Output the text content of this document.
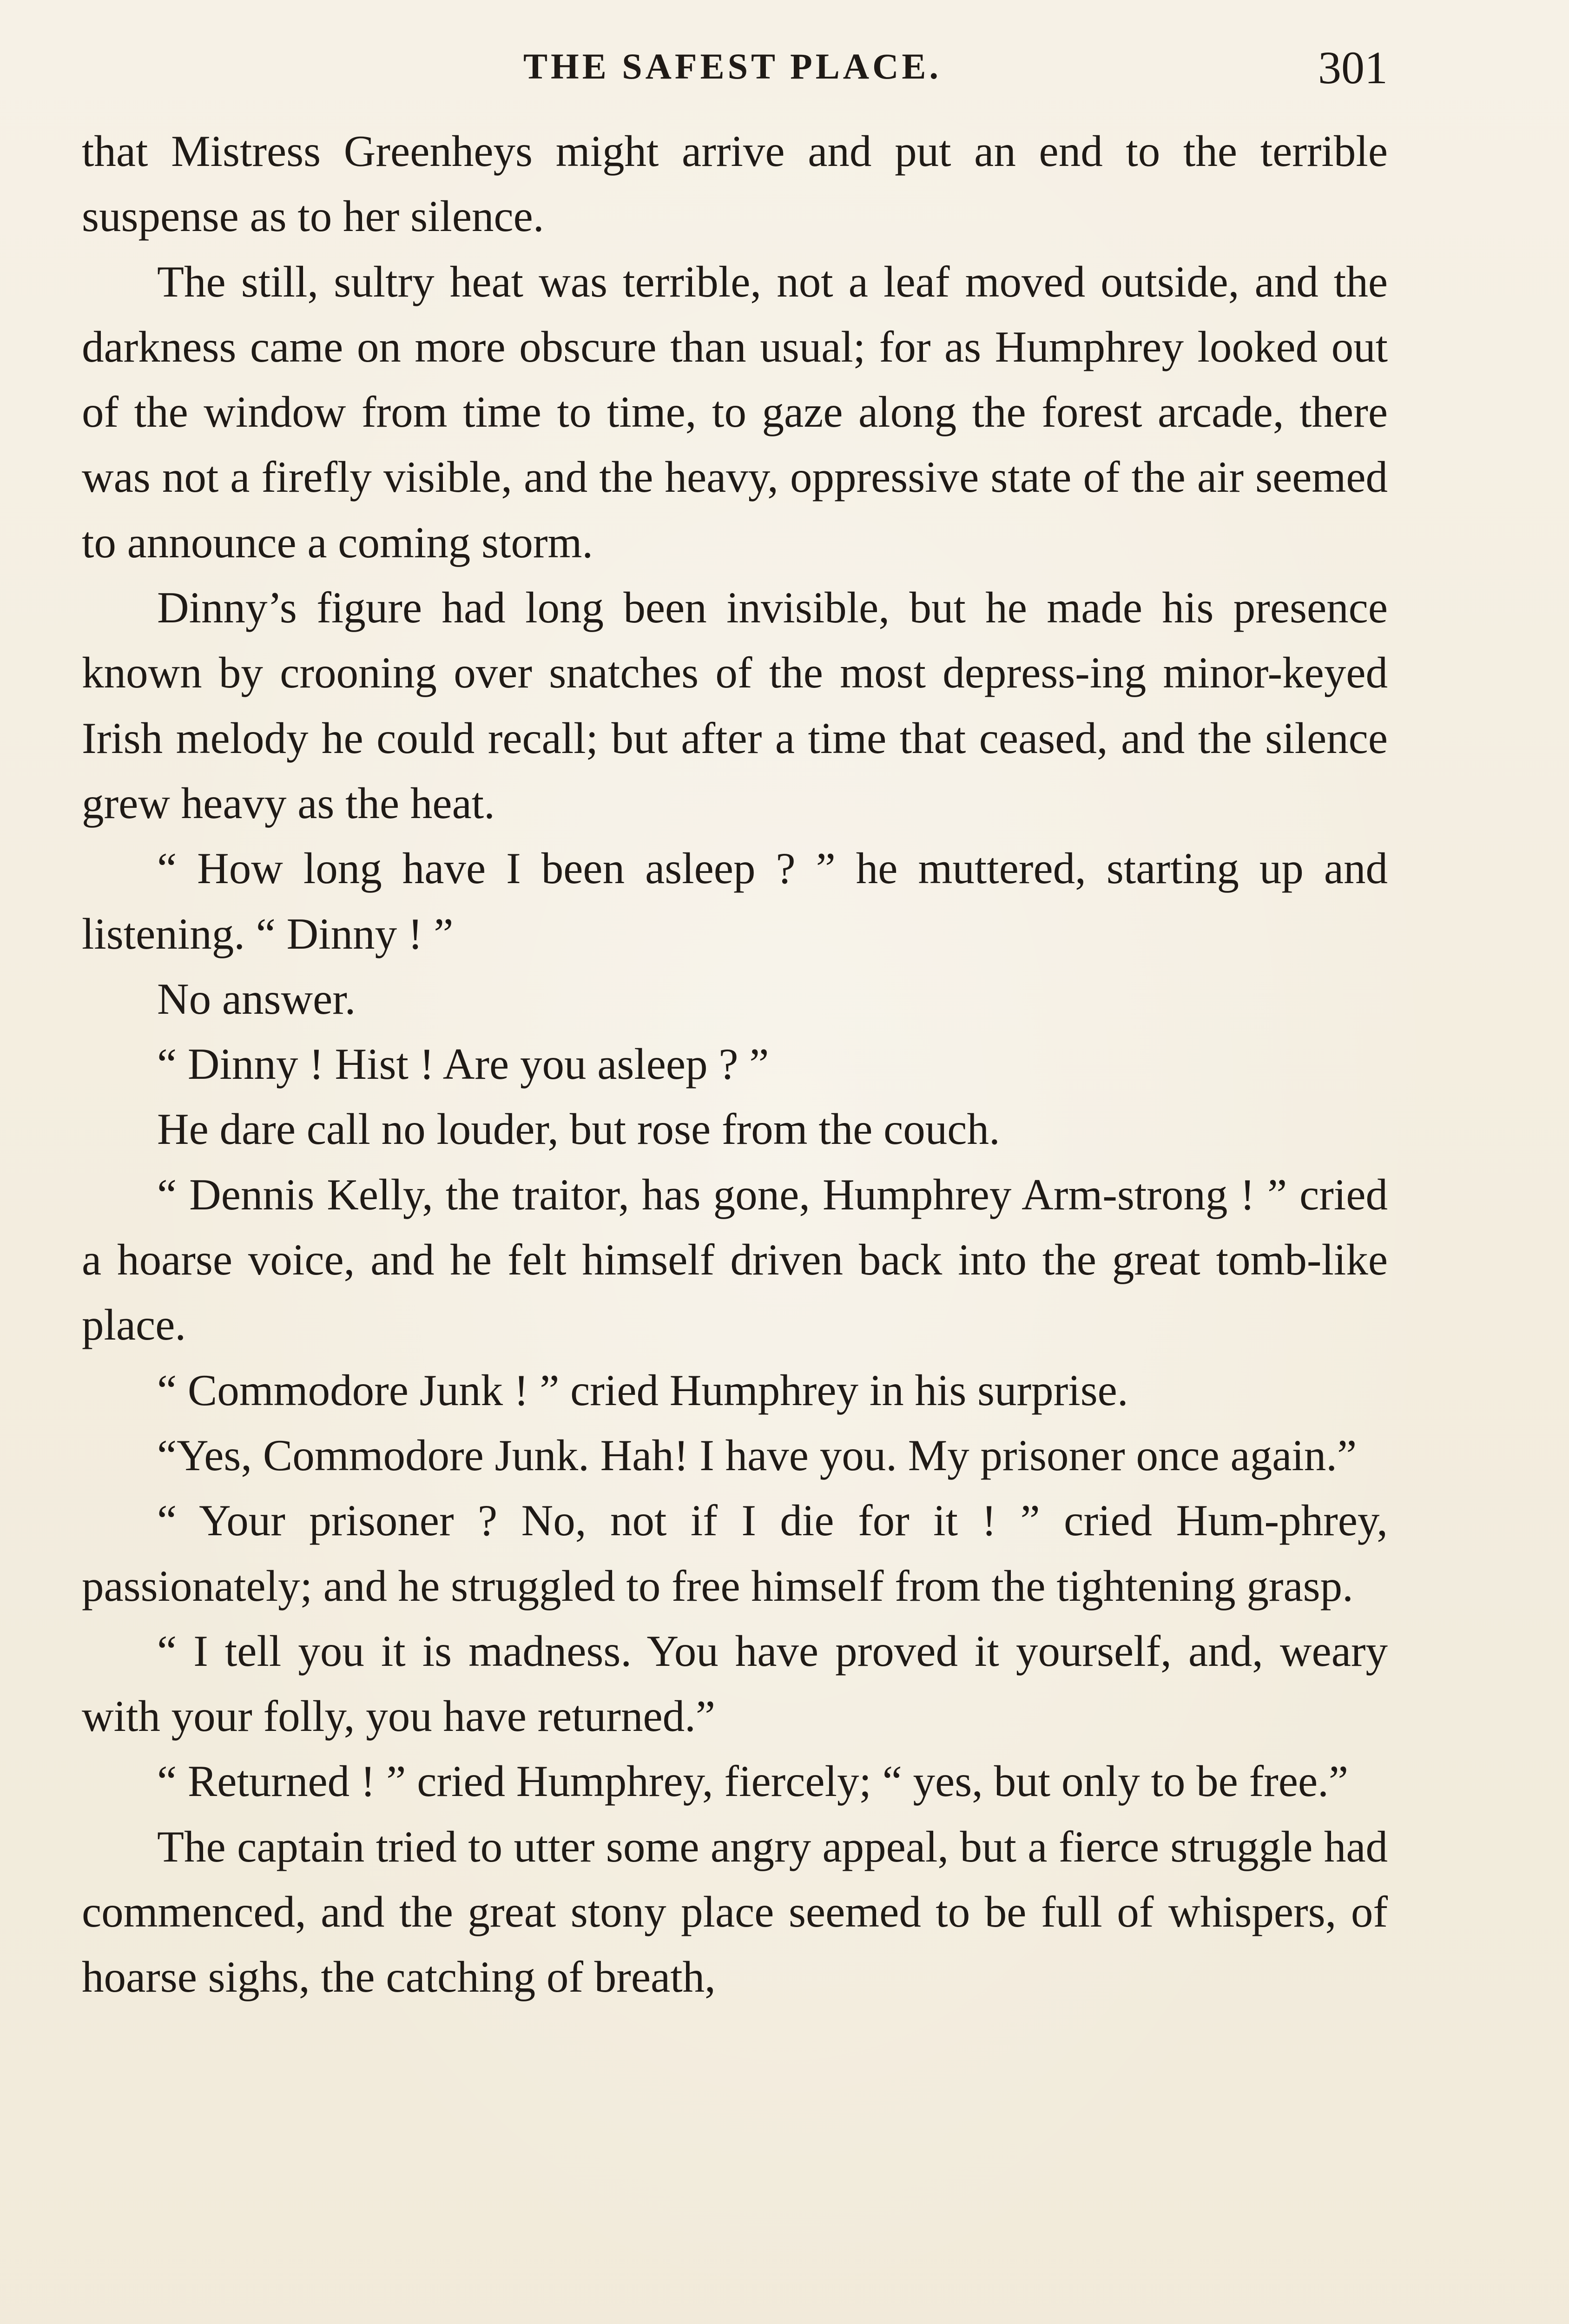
THE SAFEST PLACE.	301

that Mistress Greenheys might arrive and put an end to the terrible suspense as to her silence.

The still, sultry heat was terrible, not a leaf moved outside, and the darkness came on more obscure than usual; for as Humphrey looked out of the window from time to time, to gaze along the forest arcade, there was not a firefly visible, and the heavy, oppressive state of the air seemed to announce a coming storm.

Dinny’s figure had long been invisible, but he made his presence known by crooning over snatches of the most depress-ing minor-keyed Irish melody he could recall; but after a time that ceased, and the silence grew heavy as the heat.

“ How long have I been asleep ? ” he muttered, starting up and listening. “ Dinny ! ”

No answer.

“ Dinny ! Hist ! Are you asleep ? ”

He dare call no louder, but rose from the couch.

“ Dennis Kelly, the traitor, has gone, Humphrey Arm-strong ! ” cried a hoarse voice, and he felt himself driven back into the great tomb-like place.

“ Commodore Junk ! ” cried Humphrey in his surprise.

“Yes, Commodore Junk. Hah! I have you. My prisoner once again.”

“ Your prisoner ? No, not if I die for it ! ” cried Hum-phrey, passionately; and he struggled to free himself from the tightening grasp.

“ I tell you it is madness. You have proved it yourself, and, weary with your folly, you have returned.”

“ Returned ! ” cried Humphrey, fiercely; “ yes, but only to be free.”

The captain tried to utter some angry appeal, but a fierce struggle had commenced, and the great stony place seemed to be full of whispers, of hoarse sighs, the catching of breath,
